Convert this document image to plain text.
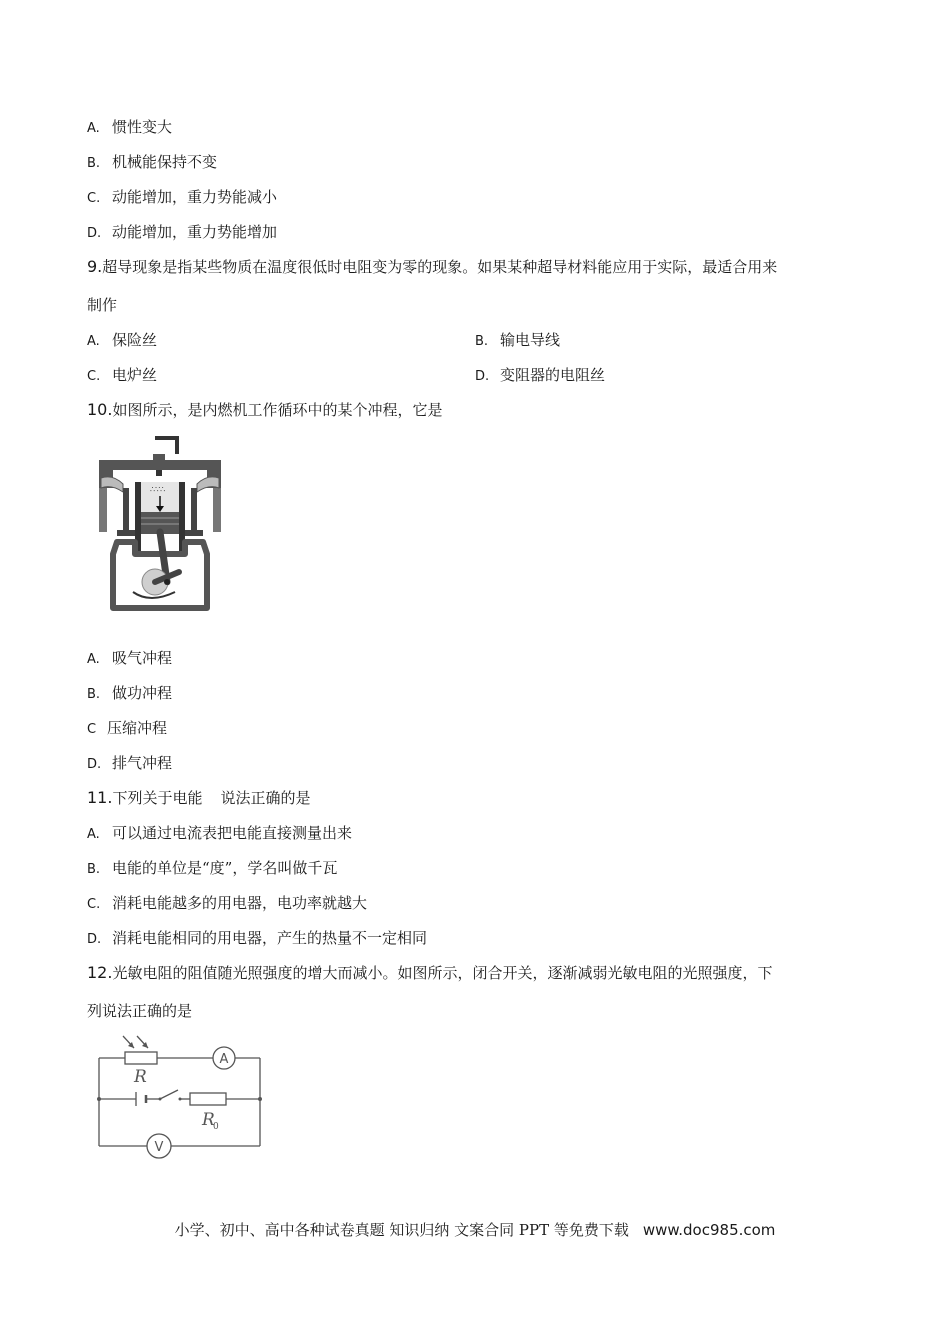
A. 惯性变大
B. 机械能保持不变
C. 动能增加，重力势能减小
D. 动能增加，重力势能增加
9.超导现象是指某些物质在温度很低时电阻变为零的现象。如果某种超导材料能应用于实际，最适合用来
制作
A. 保险丝	B. 输电导线
C. 电炉丝	D. 变阻器的电阻丝
10.如图所示，是内燃机工作循环中的某个冲程，它是
∴∵∴
A. 吸气冲程
B. 做功冲程
C 压缩冲程
D. 排气冲程
11.下列关于电能 说法正确的是
A. 可以通过电流表把电能直接测量出来
B. 电能的单位是“度”，学名叫做千瓦
C. 消耗电能越多的用电器，电功率就越大
D. 消耗电能相同的用电器，产生的热量不一定相同
12.光敏电阻的阻值随光照强度的增大而减小。如图所示，闭合开关，逐渐减弱光敏电阻的光照强度，下
列说法正确的是
R
R
0
A
V
小学、初中、高中各种试卷真题 知识归纳 文案合同 PPT 等免费下载 www.doc985.com
